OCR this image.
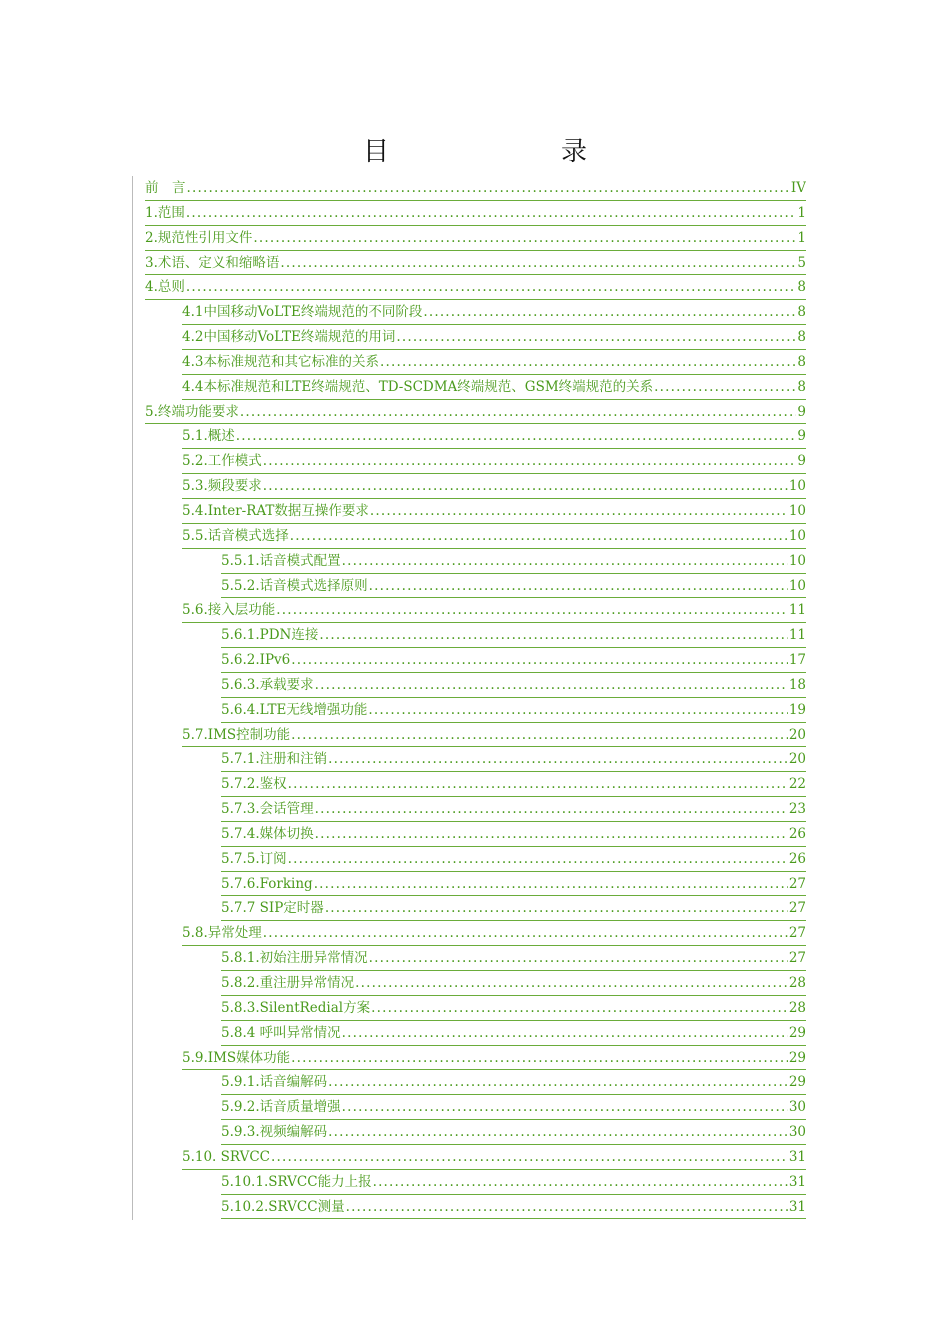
目　　录
前　言 .....	IV
1.范围 .....	1
2.规范性引用文件 .....	1
3.术语、定义和缩略语 .....	5
4.总则 .....	8
4.1中国移动VoLTE终端规范的不同阶段 .....	8
4.2中国移动VoLTE终端规范的用词 .....	8
4.3本标准规范和其它标准的关系 .....	8
4.4本标准规范和LTE终端规范、TD-SCDMA终端规范、GSM终端规范的关系 .....	8
5.终端功能要求 .....	9
5.1.概述 .....	9
5.2.工作模式 .....	9
5.3.频段要求 .....	10
5.4.Inter-RAT数据互操作要求 .....	10
5.5.话音模式选择 .....	10
5.5.1.话音模式配置 .....	10
5.5.2.话音模式选择原则 .....	10
5.6.接入层功能 .....	11
5.6.1.PDN连接 .....	11
5.6.2.IPv6 .....	17
5.6.3.承载要求 .....	18
5.6.4.LTE无线增强功能 .....	19
5.7.IMS控制功能 .....	20
5.7.1.注册和注销 .....	20
5.7.2.鉴权 .....	22
5.7.3.会话管理 .....	23
5.7.4.媒体切换 .....	26
5.7.5.订阅 .....	26
5.7.6.Forking .....	27
5.7.7 SIP定时器 .....	27
5.8.异常处理 .....	27
5.8.1.初始注册异常情况 .....	27
5.8.2.重注册异常情况 .....	28
5.8.3.SilentRedial方案 .....	28
5.8.4 呼叫异常情况 .....	29
5.9.IMS媒体功能 .....	29
5.9.1.话音编解码 .....	29
5.9.2.话音质量增强 .....	30
5.9.3.视频编解码 .....	30
5.10. SRVCC .....	31
5.10.1.SRVCC能力上报 .....	31
5.10.2.SRVCC测量 .....	31
